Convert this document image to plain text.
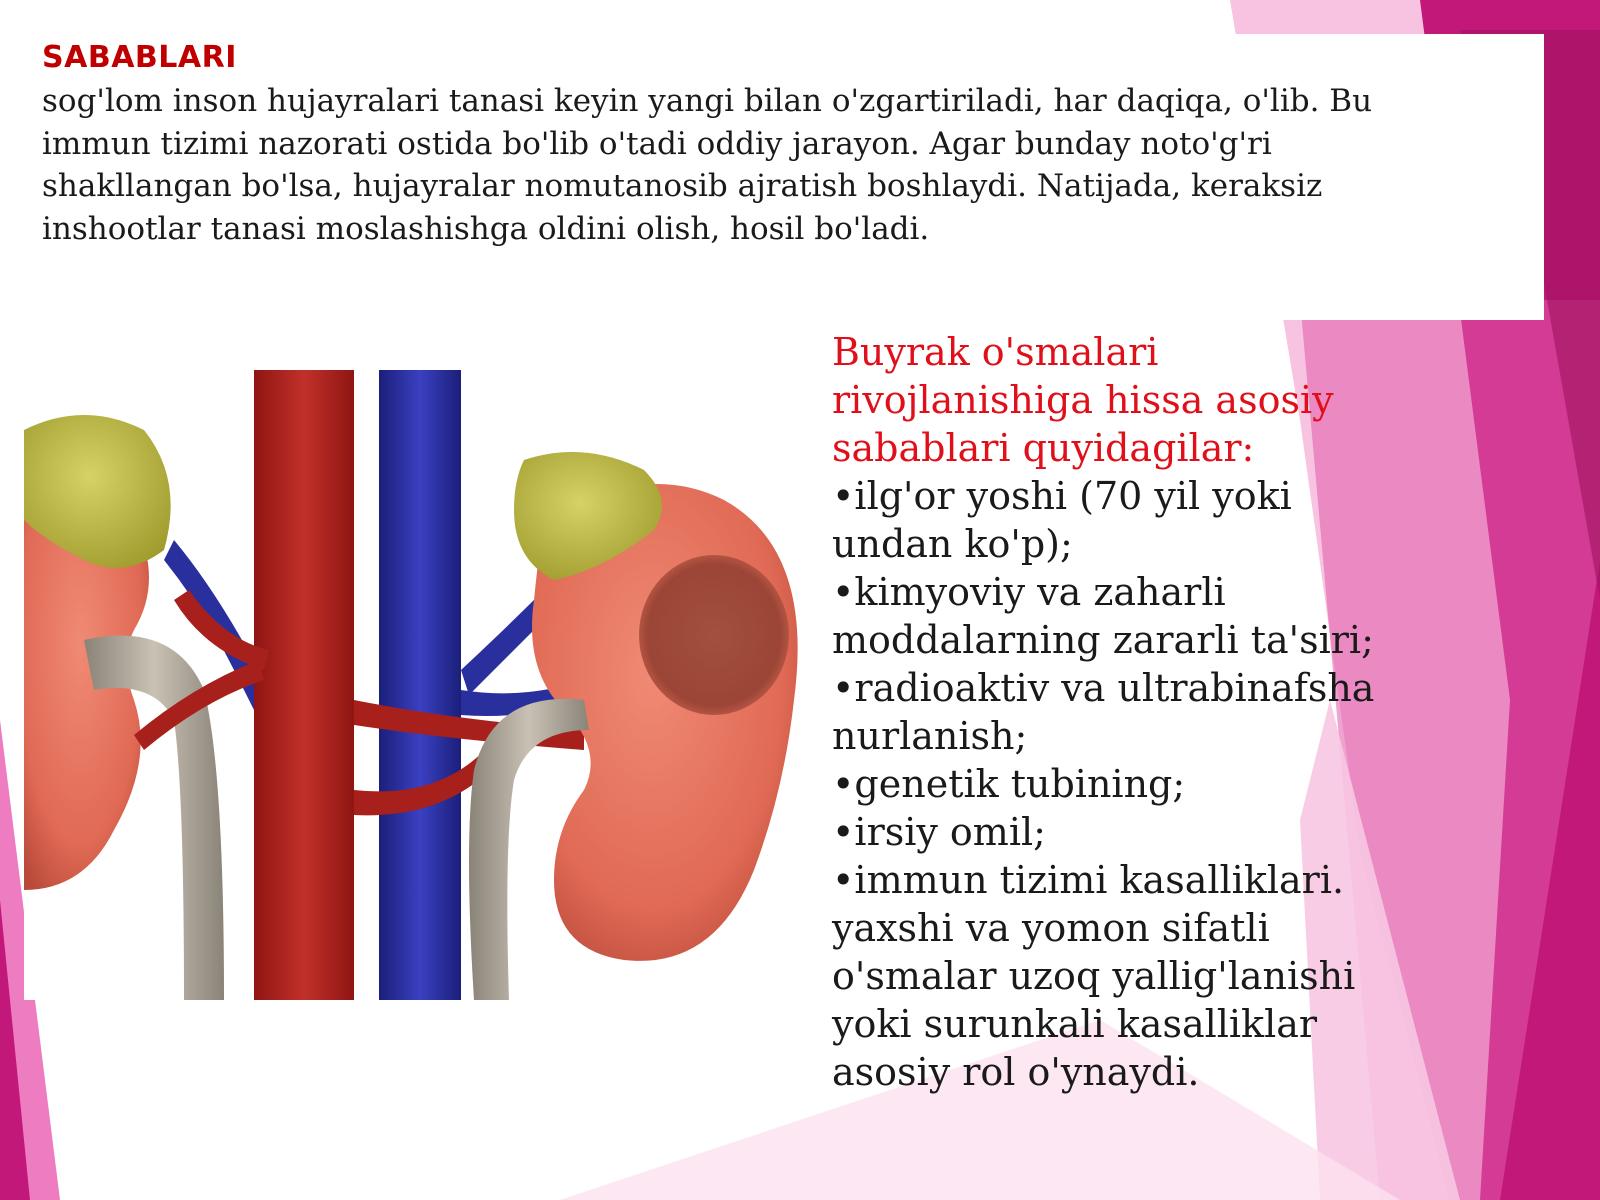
SABABLARI
sog'lom inson hujayralari tanasi keyin yangi bilan o'zgartiriladi, har daqiqa, o'lib. Bu
immun tizimi nazorati ostida bo'lib o'tadi oddiy jarayon. Agar bunday noto'g'ri
shakllangan bo'lsa, hujayralar nomutanosib ajratish boshlaydi. Natijada, keraksiz
inshootlar tanasi moslashishga oldini olish, hosil bo'ladi.
Buyrak o'smalari
rivojlanishiga hissa asosiy
sabablari quyidagilar:
•ilg'or yoshi (70 yil yoki
undan ko'p);
•kimyoviy va zaharli
moddalarning zararli ta'siri;
•radioaktiv va ultrabinafsha
nurlanish;
•genetik tubining;
•irsiy omil;
•immun tizimi kasalliklari.
yaxshi va yomon sifatli
o'smalar uzoq yallig'lanishi
yoki surunkali kasalliklar
asosiy rol o'ynaydi.
